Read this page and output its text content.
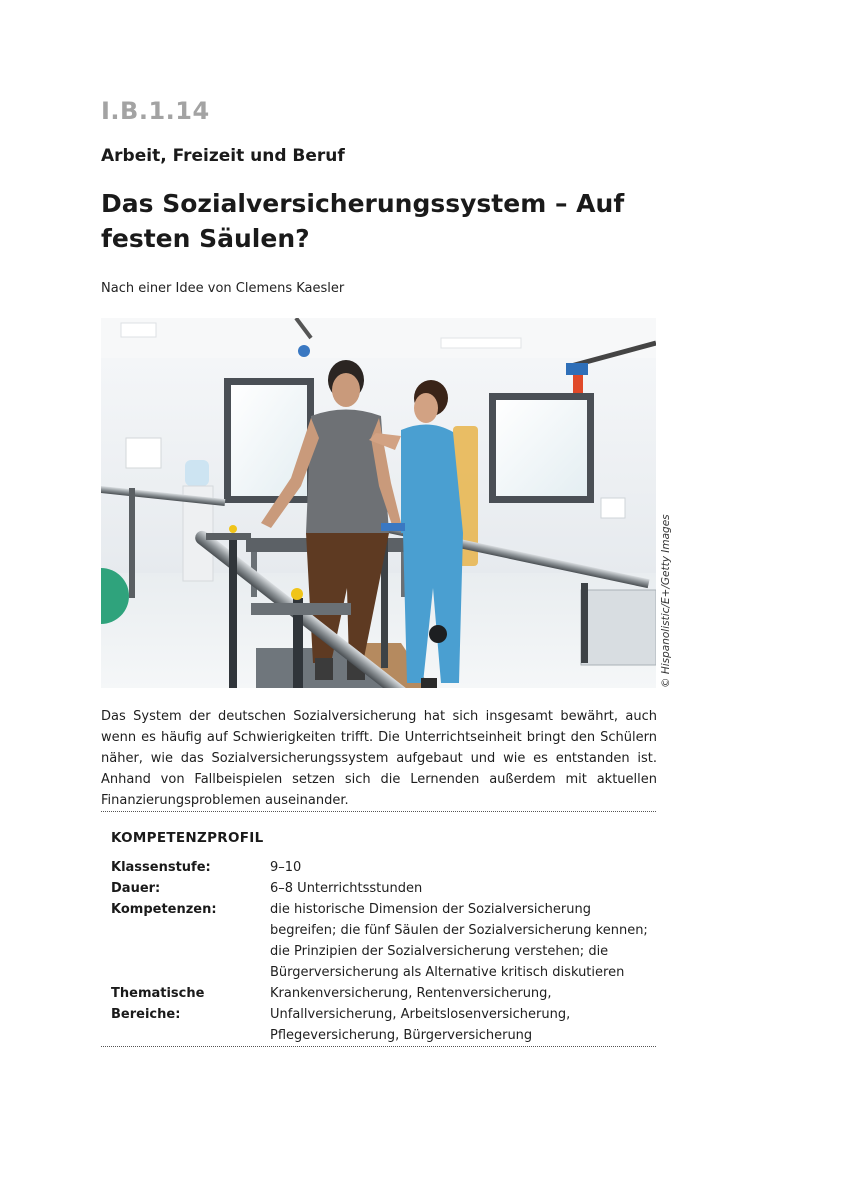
I.B.1.14
Arbeit, Freizeit und Beruf
Das Sozialversicherungssystem – Auf festen Säulen?
Nach einer Idee von Clemens Kaesler
© Hispanolistic/E+/Getty Images

Das System der deutschen Sozialversicherung hat sich insgesamt bewährt, auch wenn es häufig auf Schwierigkeiten trifft. Die Unterrichtseinheit bringt den Schülern näher, wie das Sozialversicherungssystem aufgebaut und wie es entstanden ist. Anhand von Fallbeispielen setzen sich die Lernenden außerdem mit aktuellen Finanzierungsproblemen auseinander.

KOMPETENZPROFIL
Klassenstufe:	9–10
Dauer:	6–8 Unterrichtsstunden
Kompetenzen:	die historische Dimension der Sozialversicherung begreifen; die fünf Säulen der Sozialversicherung kennen; die Prinzipien der Sozialversicherung verstehen; die Bürgerversicherung als Alternative kritisch diskutieren
Thematische Bereiche:	Krankenversicherung, Rentenversicherung, Unfallversicherung, Arbeitslosenversicherung, Pflegeversicherung, Bürgerversicherung
